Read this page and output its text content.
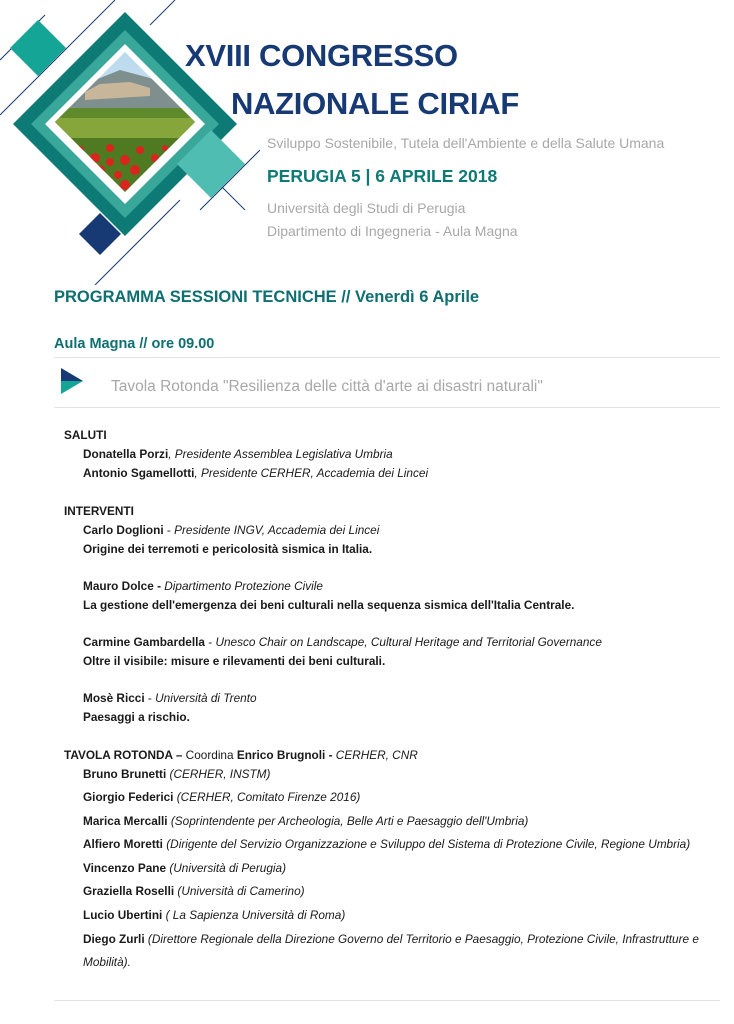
XVIII CONGRESSO
NAZIONALE CIRIAF
Sviluppo Sostenibile, Tutela dell'Ambiente e della Salute Umana
PERUGIA 5 | 6 APRILE 2018
Università degli Studi di Perugia
Dipartimento di Ingegneria - Aula Magna
PROGRAMMA SESSIONI TECNICHE // Venerdì 6 Aprile
Aula Magna // ore 09.00
Tavola Rotonda "Resilienza delle città d'arte ai disastri naturali"
SALUTI
Donatella Porzi, Presidente Assemblea Legislativa Umbria
Antonio Sgamellotti, Presidente CERHER, Accademia dei Lincei
INTERVENTI
Carlo Doglioni - Presidente INGV, Accademia dei Lincei
Origine dei terremoti e pericolosità sismica in Italia.
Mauro Dolce - Dipartimento Protezione Civile
La gestione dell'emergenza dei beni culturali nella sequenza sismica dell'Italia Centrale.
Carmine Gambardella - Unesco Chair on Landscape, Cultural Heritage and Territorial Governance
Oltre il visibile: misure e rilevamenti dei beni culturali.
Mosè Ricci - Università di Trento
Paesaggi a rischio.
TAVOLA ROTONDA – Coordina Enrico Brugnoli - CERHER, CNR
Bruno Brunetti (CERHER, INSTM)
Giorgio Federici (CERHER, Comitato Firenze 2016)
Marica Mercalli (Soprintendente per Archeologia, Belle Arti e Paesaggio dell'Umbria)
Alfiero Moretti (Dirigente del Servizio Organizzazione e Sviluppo del Sistema di Protezione Civile, Regione Umbria)
Vincenzo Pane (Università di Perugia)
Graziella Roselli (Università di Camerino)
Lucio Ubertini ( La Sapienza Università di Roma)
Diego Zurli (Direttore Regionale della Direzione Governo del Territorio e Paesaggio, Protezione Civile, Infrastrutture e
Mobilità).
